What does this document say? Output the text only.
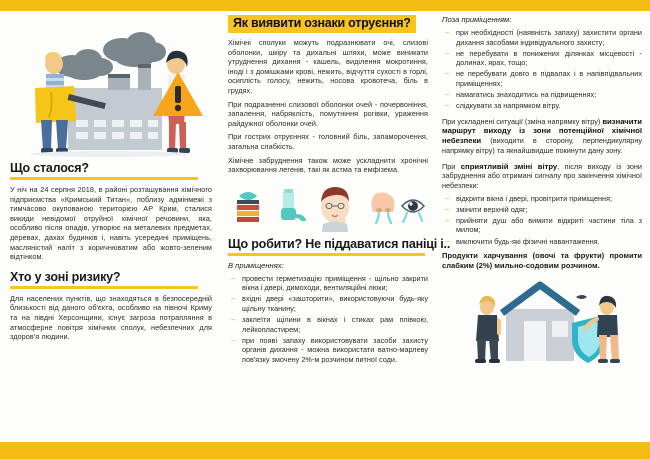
Що сталося?

У ніч на 24 серпня 2018, в районі розташування хімічного підприємства «Кримський Титан», поблизу адмінмежі з тимчасово окупованою територією АР Крим, сталися викиди невідомої отруйної хімічної речовини, яка, особливо після опадів, утворює на металевих предметах, деревах, дахах будинків і, навіть усередині приміщень, масляністий наліт з коричнюватим або жовто-зеленим відтінком.

Хто у зоні ризику?

Для населених пунктів, що знаходяться в безпосередній близькості від даного об'єкта, особливо на півночі Криму та на півдні Херсонщини, існує загроза потрапляння в атмосферне повітря хімічних сполук, небезпечних для здоров'я людини.

Як виявити ознаки отруєння?

Хімічні сполуки можуть подразнювати очі, слизові оболонки, шкіру та дихальні шляхи, може виникати утруднення дихання - кашель, виділення мокротиння, іноді і з домішками крові, нежить, відчуття сухості в горлі, осиплість голосу, нежить, носова кровотеча, біль в грудях.

При подразненні слизової оболонки очей - почервоніння, запалення, набряклість, помутніння рогівки, ураження райдужної оболонки очей.

При гострих отруєннях - головний біль, запаморочення, загальна слабкість.

Хімічне забруднення також може ускладнити хронічні захворювання легенів, такі як астма та емфізема.

Що робити? Не піддаватися паніці і..

В приміщеннях:

– провести герметизацію приміщення - щільно закрити вікна і двері, димоходи, вентиляційні люки;
– вхідні двері «зашторити», використовуючи будь-яку щільну тканину;
– заклеїти щілини в вікнах і стиках рам плівкою, лейкопластирем;
– при появі запаху використовувати засоби захисту органів дихання - можна використати ватно-марлеву пов'язку змочену 2%-м розчином питної соди.

Поза приміщенням:

– при необхідності (наявність запаху) захистити органи дихання засобами індивідуального захисту;
– не перебувати в понижених ділянках місцевості - долинах, ярах, тощо;
– не перебувати довго в підвалах і в напівпідвальних приміщеннях;
– намагатись знаходитись на підвищеннях;
– слідкувати за напрямком вітру.

При ускладнені ситуації (зміна напрямку вітру) визначити маршрут виходу із зони потенційної хімічної небезпеки (виходити в сторону, перпендикулярну напрямку вітру) та якнайшвидше покинути дану зону.

При сприятливій зміні вітру, після виходу із зони забруднення або отримані сигналу про закінчення хімічної небезпеки:

– відкрити вікна і двері, провітрити приміщення;
– змінити верхній одяг;
– прийняти душ або вимити відкриті частини тіла з милом;
– виключити будь-які фізичні навантаження.

Продукти харчування (овочі та фрукти) промити слабким (2%) мильно-содовим розчином.
